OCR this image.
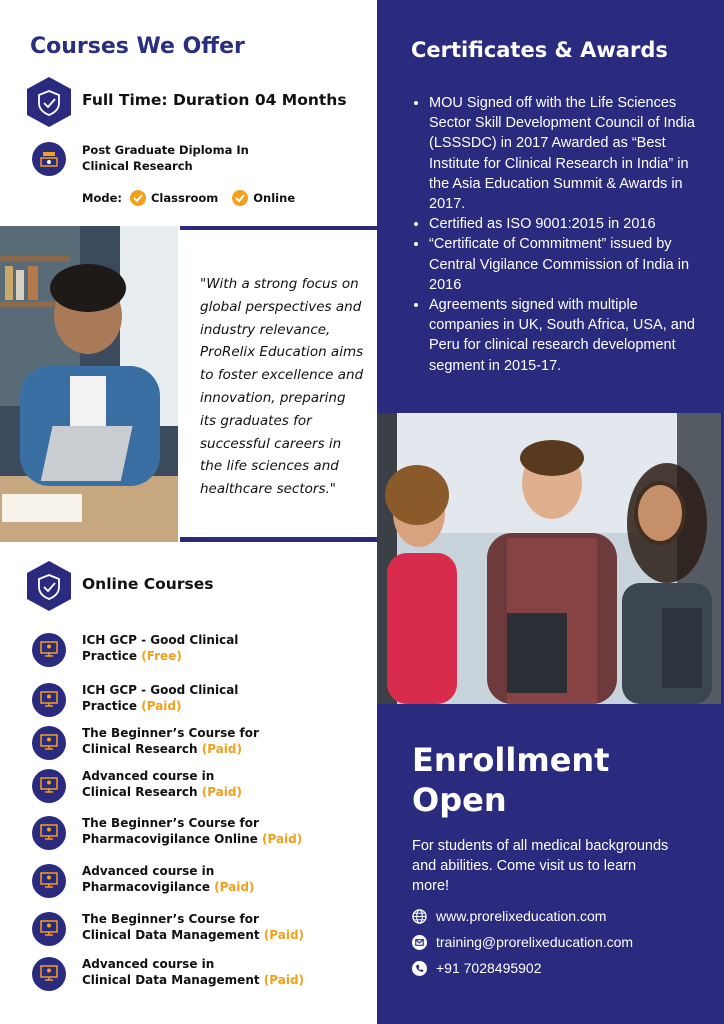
Courses We Offer
Full Time: Duration 04 Months
Post Graduate Diploma In
Clinical Research
Mode:	Classroom	Online
"With a strong focus on global perspectives and industry relevance, ProRelix Education aims to foster excellence and innovation, preparing its graduates for successful careers in the life sciences and healthcare sectors."
Online Courses
ICH GCP - Good Clinical
Practice (Free)
ICH GCP - Good Clinical
Practice (Paid)
The Beginner’s Course for
Clinical Research (Paid)
Advanced course in
Clinical Research (Paid)
The Beginner’s Course for
Pharmacovigilance Online (Paid)
Advanced course in
Pharmacovigilance (Paid)
The Beginner’s Course for
Clinical Data Management (Paid)
Advanced course in
Clinical Data Management (Paid)
Certificates & Awards
• MOU Signed off with the Life Sciences Sector Skill Development Council of India (LSSSDC) in 2017 Awarded as “Best Institute for Clinical Research in India” in the Asia Education Summit & Awards in 2017.
• Certified as ISO 9001:2015 in 2016
• “Certificate of Commitment” issued by Central Vigilance Commission of India in 2016
• Agreements signed with multiple companies in UK, South Africa, USA, and Peru for clinical research development segment in 2015-17.
Enrollment
Open
For students of all medical backgrounds and abilities. Come visit us to learn more!
www.prorelixeducation.com
training@prorelixeducation.com
+91 7028495902
